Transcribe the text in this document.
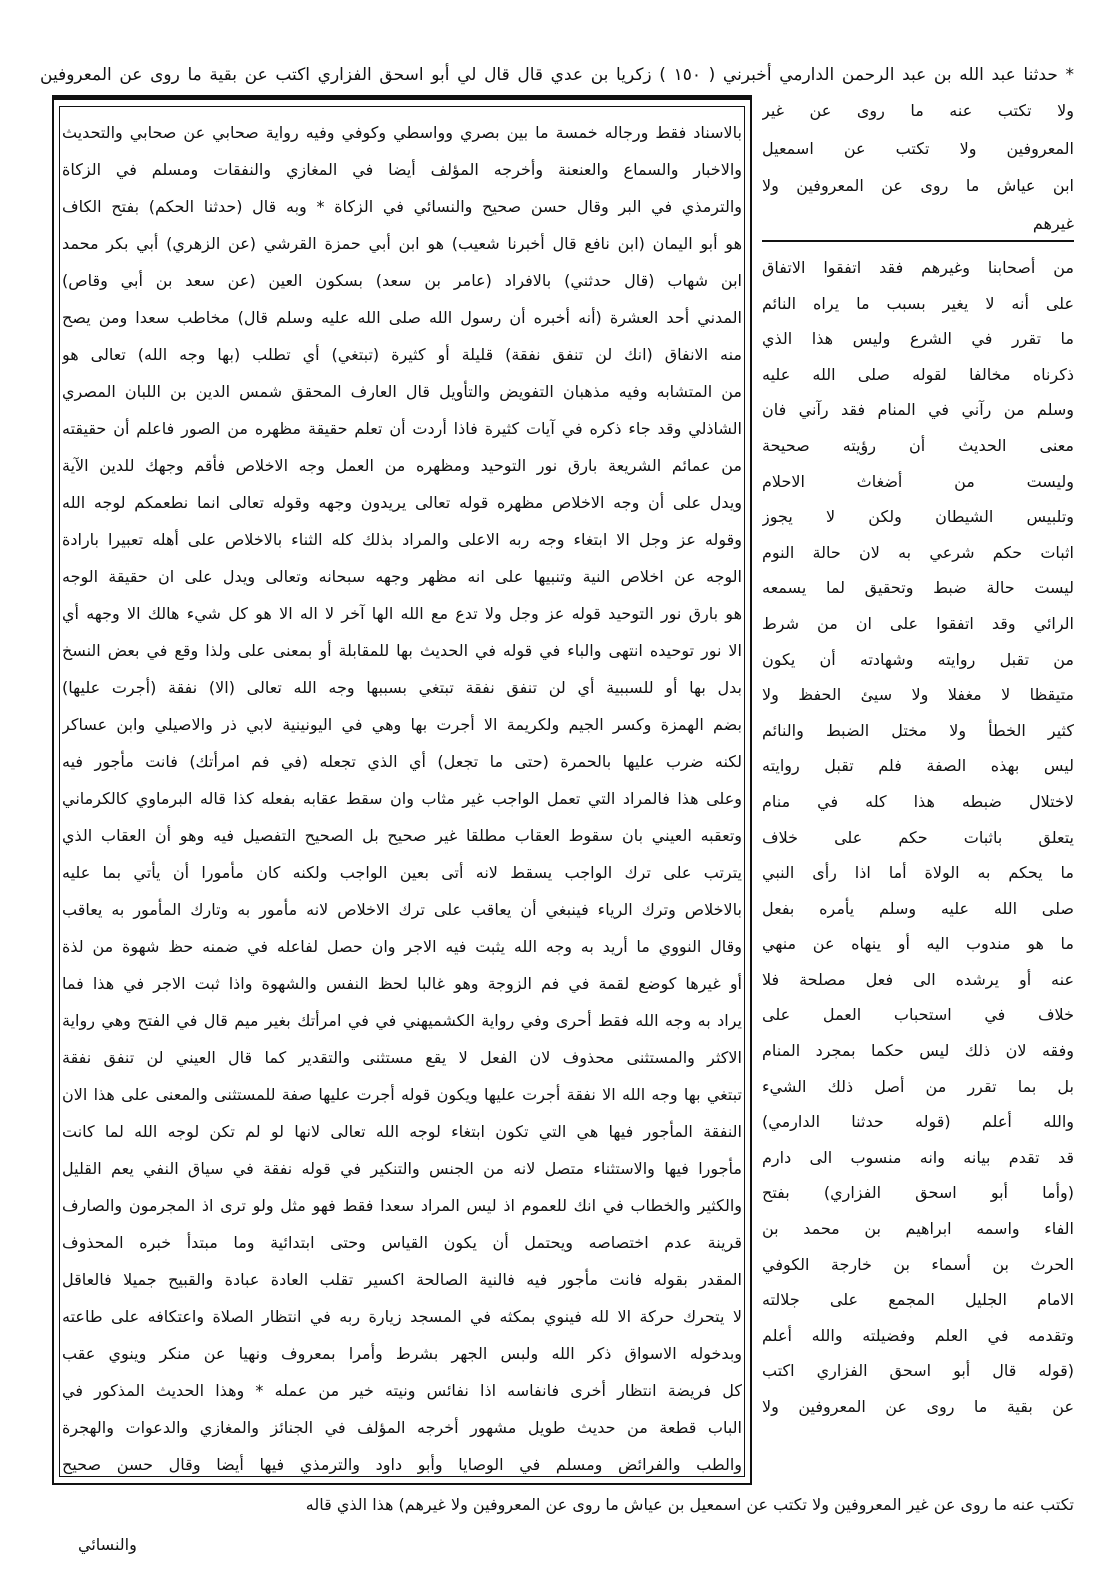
* حدثنا عبد الله بن عبد الرحمن الدارمي أخبرني ( ١٥٠ ) زكريا بن عدي قال قال لي أبو اسحق الفزاري اكتب عن بقية ما روى عن المعروفين
ولا تكتب عنه ما روى عن غير
المعروفين ولا تكتب عن اسمعيل
ابن عياش ما روى عن المعروفين ولا
غيرهم
من أصحابنا وغيرهم فقد اتفقوا الاتفاق
على أنه لا يغير بسبب ما يراه النائم
ما تقرر في الشرع وليس هذا الذي
ذكرناه مخالفا لقوله صلى الله عليه
وسلم من رآني في المنام فقد رآني فان
معنى الحديث أن رؤيته صحيحة
وليست من أضغاث الاحلام
وتلبيس الشيطان ولكن لا يجوز
اثبات حكم شرعي به لان حالة النوم
ليست حالة ضبط وتحقيق لما يسمعه
الرائي وقد اتفقوا على ان من شرط
من تقبل روايته وشهادته أن يكون
متيقظا لا مغفلا ولا سيئ الحفظ ولا
كثير الخطأ ولا مختل الضبط والنائم
ليس بهذه الصفة فلم تقبل روايته
لاختلال ضبطه هذا كله في منام
يتعلق باثبات حكم على خلاف
ما يحكم به الولاة أما اذا رأى النبي
صلى الله عليه وسلم يأمره بفعل
ما هو مندوب اليه أو ينهاه عن منهي
عنه أو يرشده الى فعل مصلحة فلا
خلاف في استحباب العمل على
وفقه لان ذلك ليس حكما بمجرد المنام
بل بما تقرر من أصل ذلك الشيء
والله أعلم (قوله حدثنا الدارمي)
قد تقدم بيانه وانه منسوب الى دارم
(وأما أبو اسحق الفزاري) بفتح
الفاء واسمه ابراهيم بن محمد بن
الحرث بن أسماء بن خارجة الكوفي
الامام الجليل المجمع على جلالته
وتقدمه في العلم وفضيلته والله أعلم
(قوله قال أبو اسحق الفزاري اكتب
عن بقية ما روى عن المعروفين ولا
بالاسناد فقط ورجاله خمسة ما بين بصري وواسطي وكوفي وفيه رواية صحابي عن صحابي والتحديث
والاخبار والسماع والعنعنة وأخرجه المؤلف أيضا في المغازي والنفقات ومسلم في الزكاة
والترمذي في البر وقال حسن صحيح والنسائي في الزكاة * وبه قال (حدثنا الحكم) بفتح الكاف
هو أبو اليمان (ابن نافع قال أخبرنا شعيب) هو ابن أبي حمزة القرشي (عن الزهري) أبي بكر محمد
ابن شهاب (قال حدثني) بالافراد (عامر بن سعد) بسكون العين (عن سعد بن أبي وقاص)
المدني أحد العشرة (أنه أخبره أن رسول الله صلى الله عليه وسلم قال) مخاطب سعدا ومن يصح
منه الانفاق (انك لن تنفق نفقة) قليلة أو كثيرة (تبتغي) أي تطلب (بها وجه الله) تعالى هو
من المتشابه وفيه مذهبان التفويض والتأويل قال العارف المحقق شمس الدين بن اللبان المصري
الشاذلي وقد جاء ذكره في آيات كثيرة فاذا أردت أن تعلم حقيقة مظهره من الصور فاعلم أن حقيقته
من عمائم الشريعة بارق نور التوحيد ومظهره من العمل وجه الاخلاص فأقم وجهك للدين الآية
ويدل على أن وجه الاخلاص مظهره قوله تعالى يريدون وجهه وقوله تعالى انما نطعمكم لوجه الله
وقوله عز وجل الا ابتغاء وجه ربه الاعلى والمراد بذلك كله الثناء بالاخلاص على أهله تعبيرا بارادة
الوجه عن اخلاص النية وتنبيها على انه مظهر وجهه سبحانه وتعالى ويدل على ان حقيقة الوجه
هو بارق نور التوحيد قوله عز وجل ولا تدع مع الله الها آخر لا اله الا هو كل شيء هالك الا وجهه أي
الا نور توحيده انتهى والباء في قوله في الحديث بها للمقابلة أو بمعنى على ولذا وقع في بعض النسخ
بدل بها أو للسببية أي لن تنفق نفقة تبتغي بسببها وجه الله تعالى (الا) نفقة (أجرت عليها)
بضم الهمزة وكسر الجيم ولكريمة الا أجرت بها وهي في اليونينية لابي ذر والاصيلي وابن عساكر
لكنه ضرب عليها بالحمرة (حتى ما تجعل) أي الذي تجعله (في فم امرأتك) فانت مأجور فيه
وعلى هذا فالمراد التي تعمل الواجب غير مثاب وان سقط عقابه بفعله كذا قاله البرماوي كالكرماني
وتعقبه العيني بان سقوط العقاب مطلقا غير صحيح بل الصحيح التفصيل فيه وهو أن العقاب الذي
يترتب على ترك الواجب يسقط لانه أتى بعين الواجب ولكنه كان مأمورا أن يأتي بما عليه
بالاخلاص وترك الرياء فينبغي أن يعاقب على ترك الاخلاص لانه مأمور به وتارك المأمور به يعاقب
وقال النووي ما أريد به وجه الله يثبت فيه الاجر وان حصل لفاعله في ضمنه حظ شهوة من لذة
أو غيرها كوضع لقمة في فم الزوجة وهو غالبا لحظ النفس والشهوة واذا ثبت الاجر في هذا فما
يراد به وجه الله فقط أحرى وفي رواية الكشميهني في في امرأتك بغير ميم قال في الفتح وهي رواية
الاكثر والمستثنى محذوف لان الفعل لا يقع مستثنى والتقدير كما قال العيني لن تنفق نفقة
تبتغي بها وجه الله الا نفقة أجرت عليها ويكون قوله أجرت عليها صفة للمستثنى والمعنى على هذا الان
النفقة المأجور فيها هي التي تكون ابتغاء لوجه الله تعالى لانها لو لم تكن لوجه الله لما كانت
مأجورا فيها والاستثناء متصل لانه من الجنس والتنكير في قوله نفقة في سياق النفي يعم القليل
والكثير والخطاب في انك للعموم اذ ليس المراد سعدا فقط فهو مثل ولو ترى اذ المجرمون والصارف
قرينة عدم اختصاصه ويحتمل أن يكون القياس وحتى ابتدائية وما مبتدأ خبره المحذوف
المقدر بقوله فانت مأجور فيه فالنية الصالحة اكسير تقلب العادة عبادة والقبيح جميلا فالعاقل
لا يتحرك حركة الا لله فينوي بمكثه في المسجد زيارة ربه في انتظار الصلاة واعتكافه على طاعته
وبدخوله الاسواق ذكر الله ولبس الجهر بشرط وأمرا بمعروف ونهيا عن منكر وينوي عقب
كل فريضة انتظار أخرى فانفاسه اذا نفائس ونيته خير من عمله * وهذا الحديث المذكور في
الباب قطعة من حديث طويل مشهور أخرجه المؤلف في الجنائز والمغازي والدعوات والهجرة
والطب والفرائض ومسلم في الوصايا وأبو داود والترمذي فيها أيضا وقال حسن صحيح
تكتب عنه ما روى عن غير المعروفين ولا تكتب عن اسمعيل بن عياش ما روى عن المعروفين ولا غيرهم) هذا الذي قاله
والنسائي
